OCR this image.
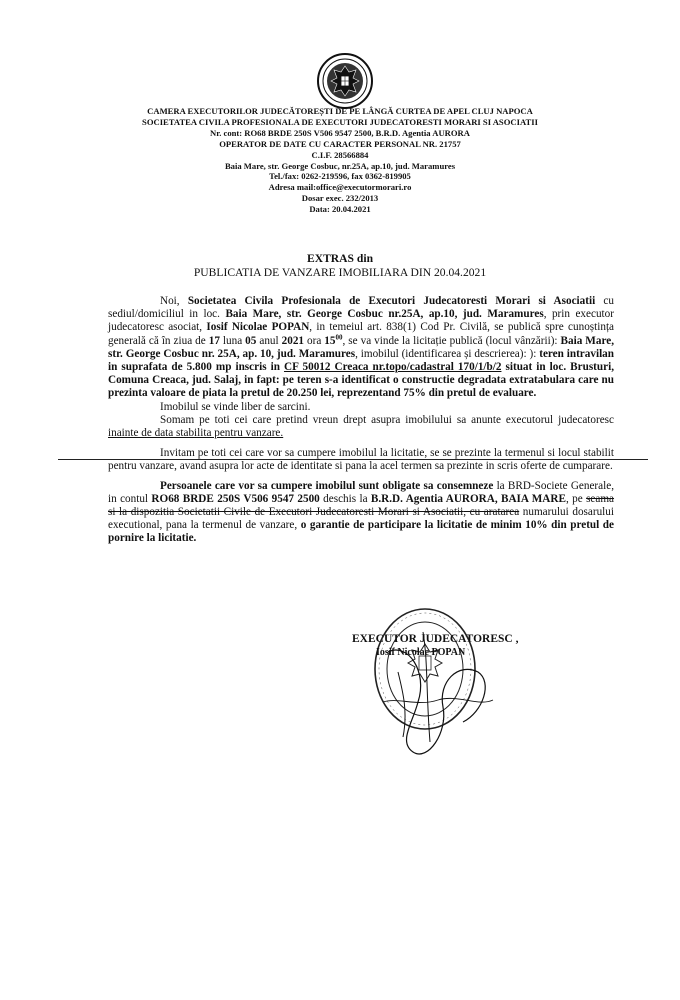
CAMERA EXECUTORILOR JUDECĂTOREȘTI DE PE LÂNGĂ CURTEA DE APEL CLUJ NAPOCA
SOCIETATEA CIVILA PROFESIONALA DE EXECUTORI JUDECATORESTI MORARI SI ASOCIATII
Nr. cont: RO68 BRDE 250S V506 9547 2500, B.R.D. Agentia AURORA
OPERATOR DE DATE CU CARACTER PERSONAL NR. 21757
C.I.F. 28566884
Baia Mare, str. George Cosbuc, nr.25A, ap.10, jud. Maramures
Tel./fax: 0262-219596, fax 0362-819905
Adresa mail:office@executormorari.ro
Dosar exec. 232/2013
Data: 20.04.2021
EXTRAS din
PUBLICATIA DE VANZARE IMOBILIARA DIN 20.04.2021

Noi, Societatea Civila Profesionala de Executori Judecatoresti Morari si Asociatii cu sediul/domiciliul in loc. Baia Mare, str. George Cosbuc nr.25A, ap.10, jud. Maramures, prin executor judecatoresc asociat, Iosif Nicolae POPAN, in temeiul art. 838(1) Cod Pr. Civilă, se publică spre cunoștința generală că în ziua de 17 luna 05 anul 2021 ora $15^{00}$, se va vinde la licitație publică (locul vânzării): Baia Mare, str. George Cosbuc nr. 25A, ap. 10, jud. Maramures, imobilul (identificarea și descrierea): ): teren intravilan in suprafata de 5.800 mp inscris in CF 50012 Creaca nr.topo/cadastral 170/1/b/2 situat in loc. Brusturi, Comuna Creaca, jud. Salaj, in fapt: pe teren s-a identificat o constructie degradata extratabulara care nu prezinta valoare de piata la pretul de 20.250 lei, reprezentand 75% din pretul de evaluare.

Imobilul se vinde liber de sarcini.

Somam pe toti cei care pretind vreun drept asupra imobilului sa anunte executorul judecatoresc inainte de data stabilita pentru vanzare.

Invitam pe toti cei care vor sa cumpere imobilul la licitatie, se se prezinte la termenul si locul stabilit pentru vanzare, avand asupra lor acte de identitate si pana la acel termen sa prezinte in scris oferte de cumparare.

Persoanele care vor sa cumpere imobilul sunt obligate sa consemneze la BRD-Societe Generale, in contul RO68 BRDE 250S V506 9547 2500 deschis la B.R.D. Agentia AURORA, BAIA MARE, pe seama si la dispozitia Societatii Civile de Executori Judecatoresti Morari si Asociatii, cu aratarea numarului dosarului executional, pana la termenul de vanzare, o garantie de participare la licitatie de minim 10% din pretul de pornire la licitatie.

EXECUTOR JUDECATORESC ,
Iosif Nicolae POPAN
